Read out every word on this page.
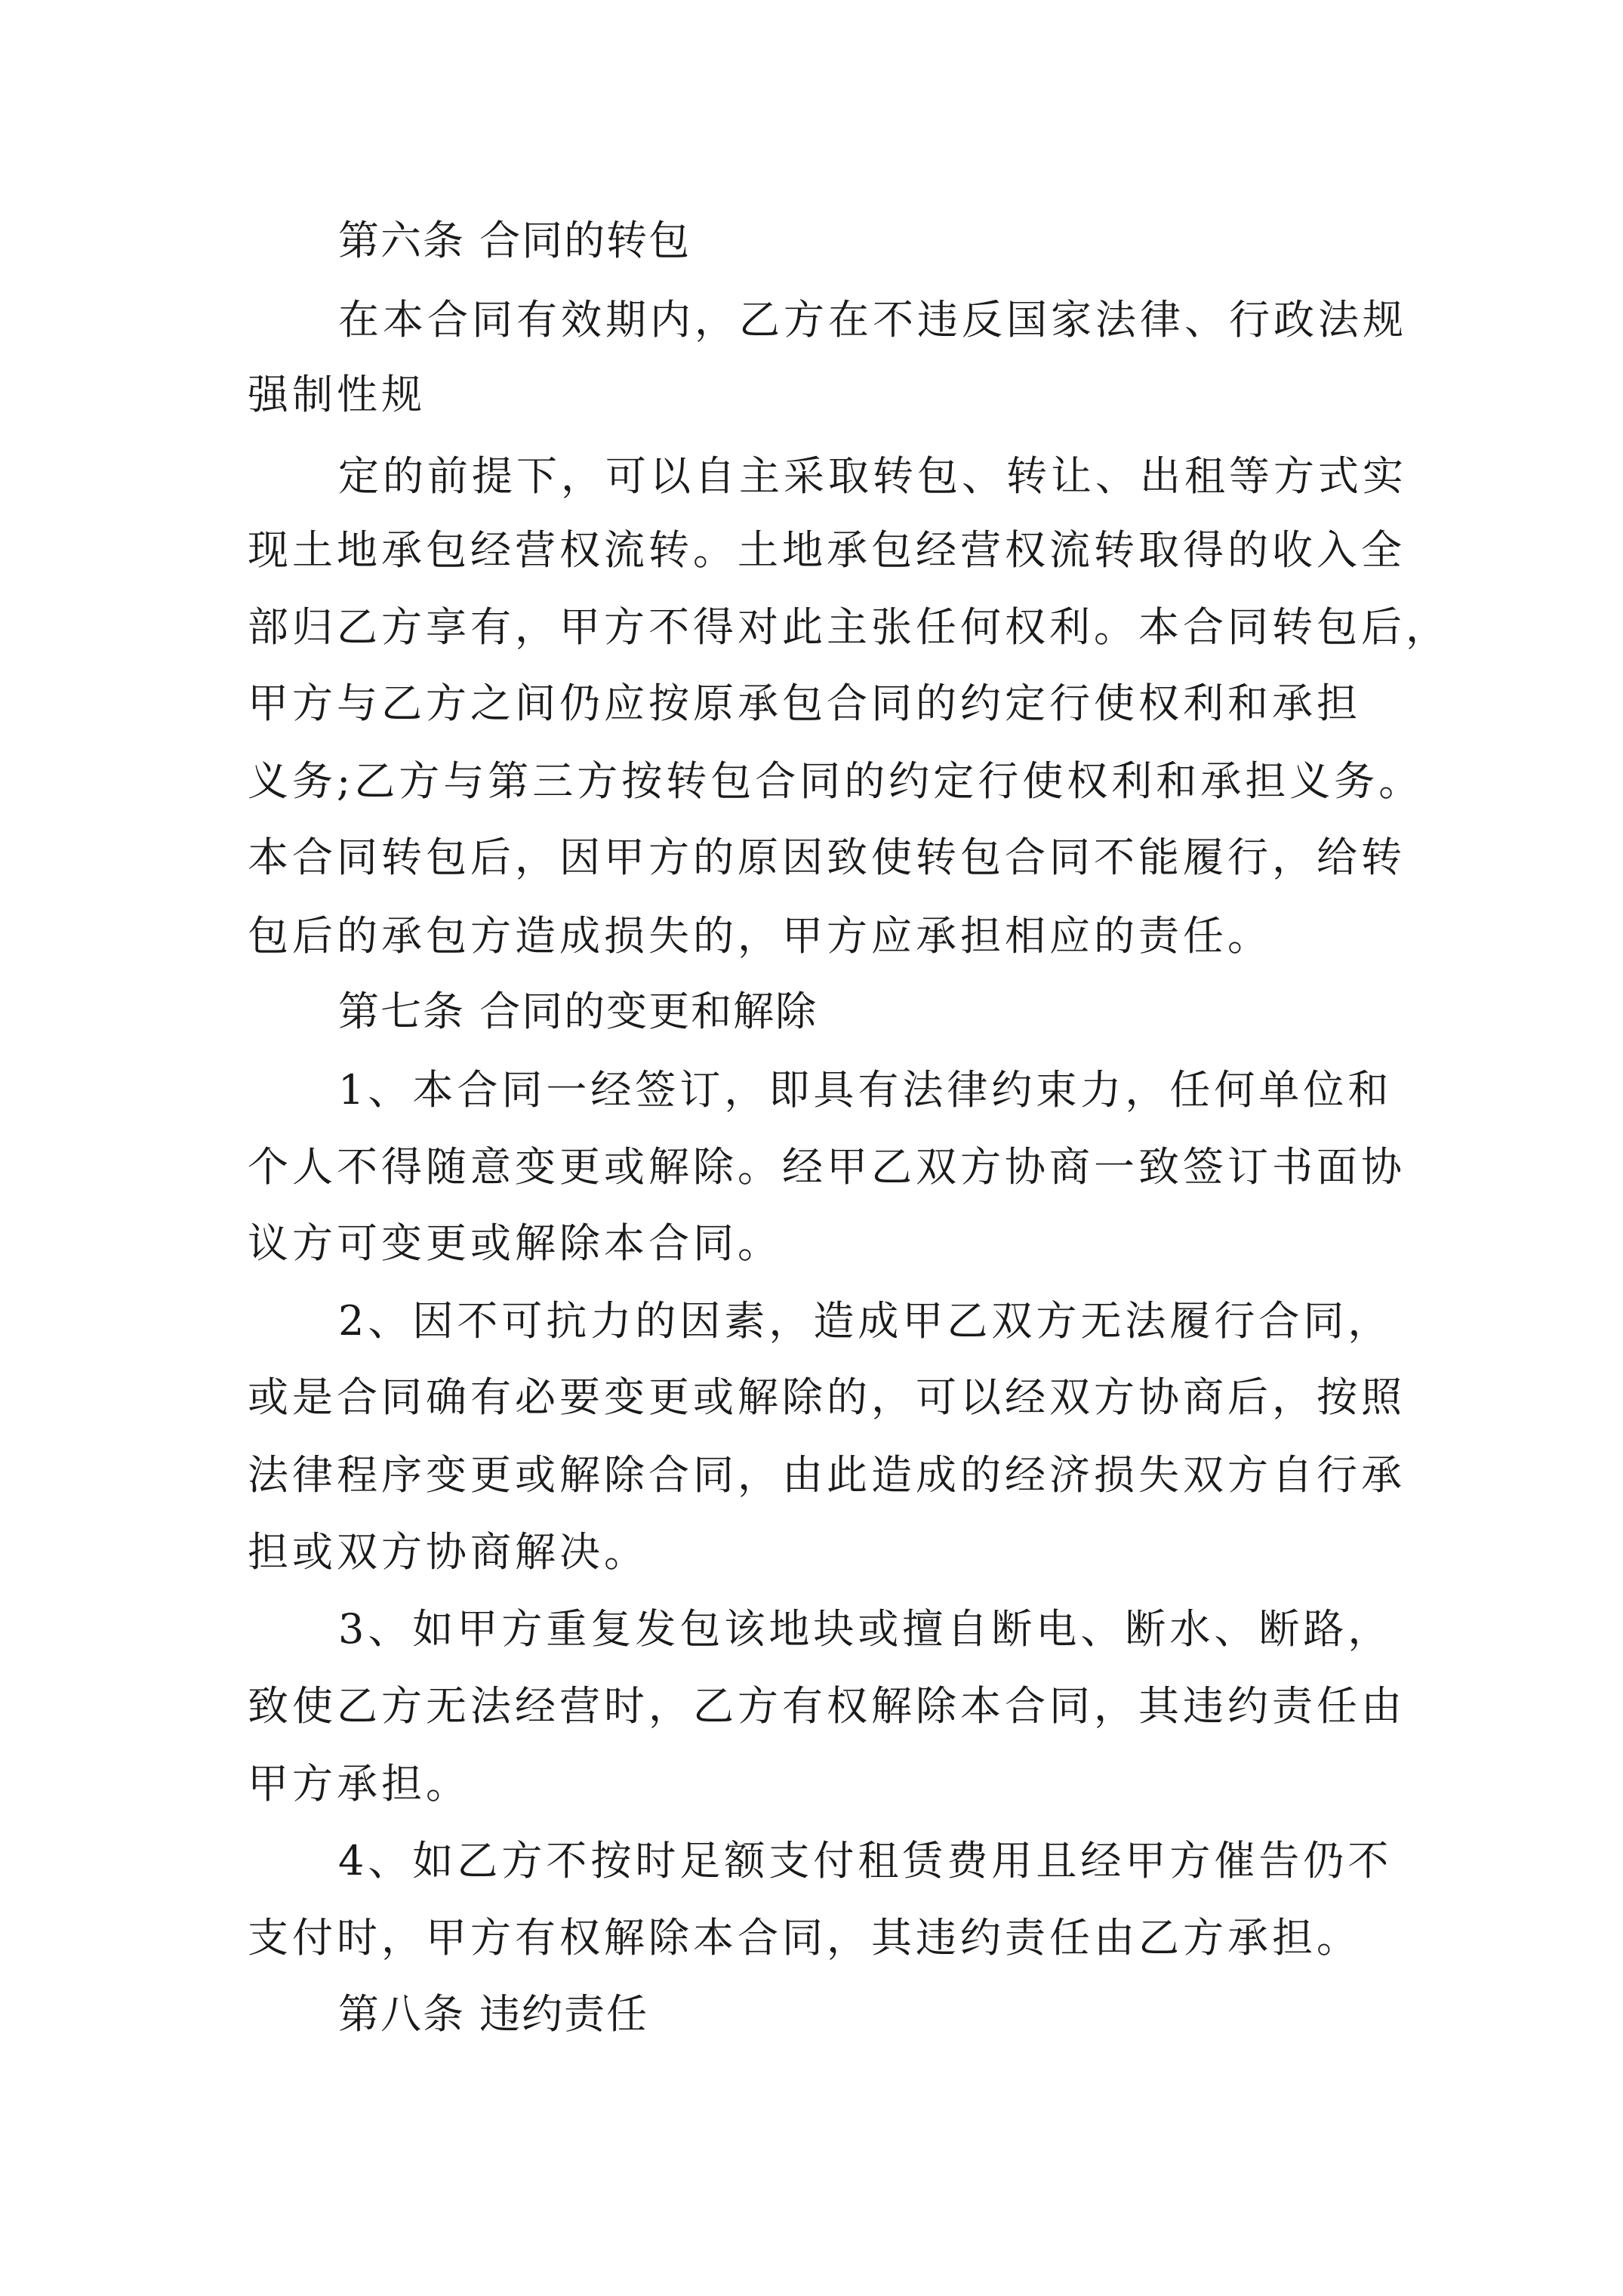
第六条 合同的转包

在本合同有效期内，乙方在不违反国家法律、行政法规

强制性规

定的前提下，可以自主采取转包、转让、出租等方式实

现土地承包经营权流转。土地承包经营权流转取得的收入全

部归乙方享有，甲方不得对此主张任何权利。本合同转包后，

甲方与乙方之间仍应按原承包合同的约定行使权利和承担

义务;乙方与第三方按转包合同的约定行使权利和承担义务。

本合同转包后，因甲方的原因致使转包合同不能履行，给转

包后的承包方造成损失的，甲方应承担相应的责任。

第七条 合同的变更和解除

1、本合同一经签订，即具有法律约束力，任何单位和

个人不得随意变更或解除。经甲乙双方协商一致签订书面协

议方可变更或解除本合同。

2、因不可抗力的因素，造成甲乙双方无法履行合同，

或是合同确有必要变更或解除的，可以经双方协商后，按照

法律程序变更或解除合同，由此造成的经济损失双方自行承

担或双方协商解决。

3、如甲方重复发包该地块或擅自断电、断水、断路，

致使乙方无法经营时，乙方有权解除本合同，其违约责任由

甲方承担。

4、如乙方不按时足额支付租赁费用且经甲方催告仍不

支付时，甲方有权解除本合同，其违约责任由乙方承担。

第八条 违约责任
